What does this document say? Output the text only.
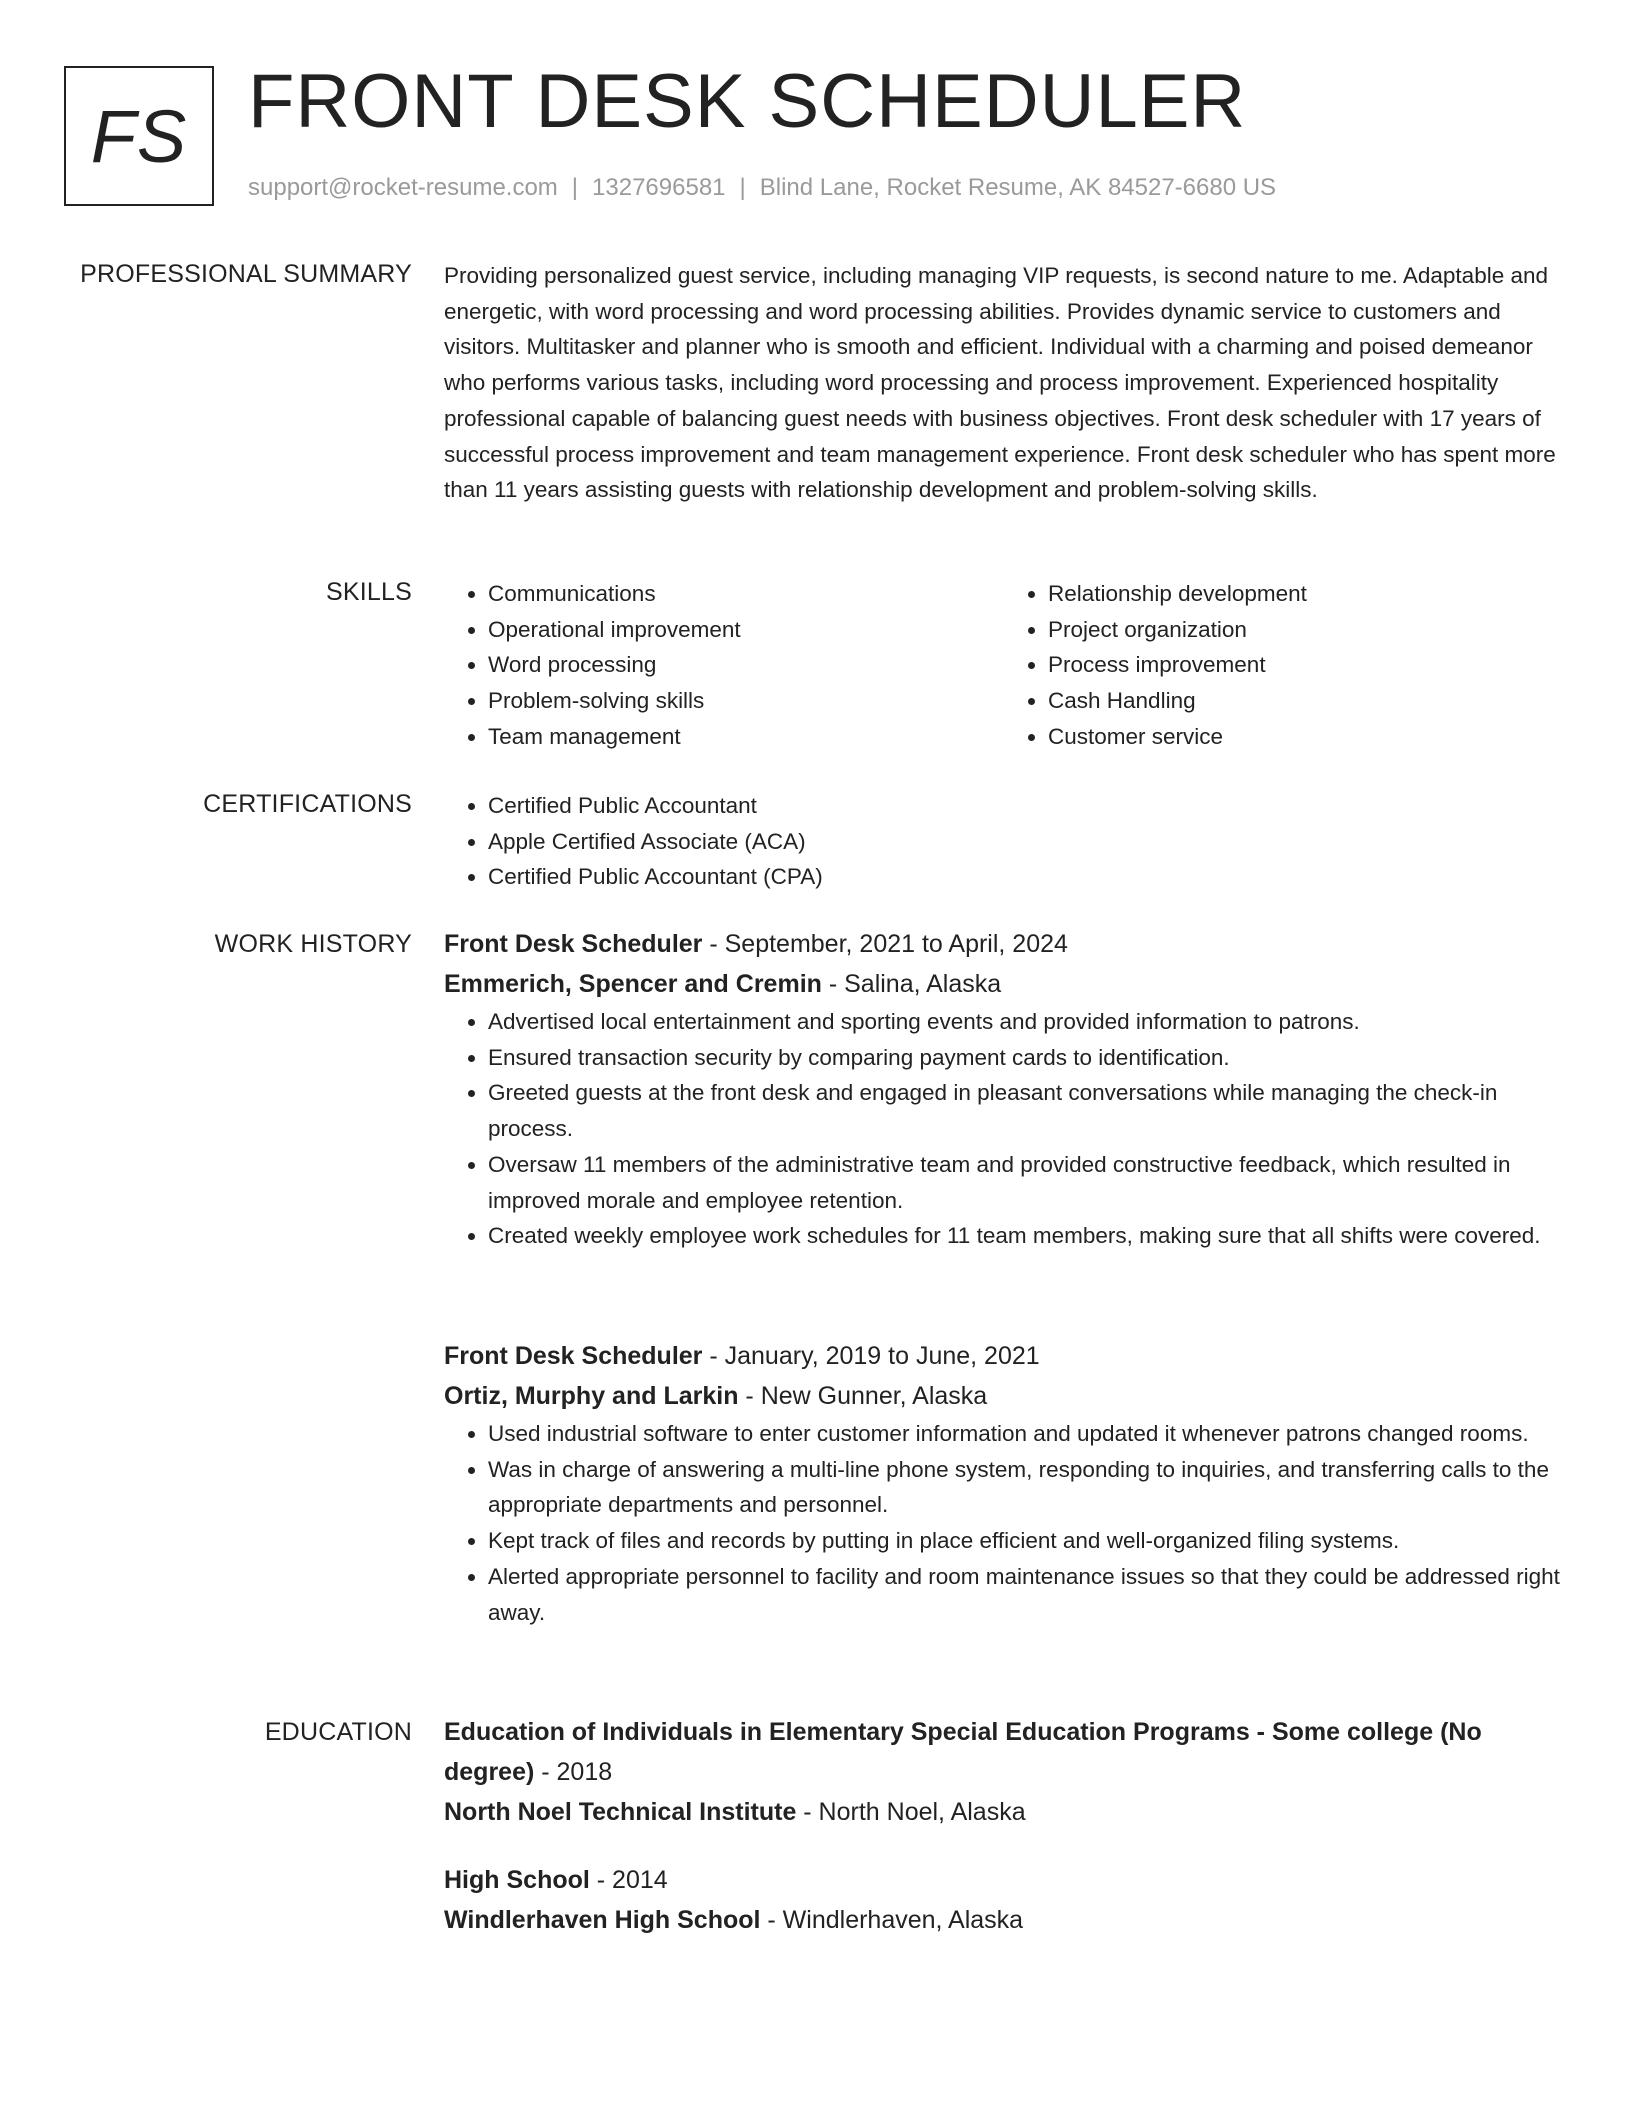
FS FRONT DESK SCHEDULER
support@rocket-resume.com | 1327696581 | Blind Lane, Rocket Resume, AK 84527-6680 US
PROFESSIONAL SUMMARY Providing personalized guest service, including managing VIP requests, is second nature to me. Adaptable and energetic, with word processing and word processing abilities. Provides dynamic service to customers and visitors. Multitasker and planner who is smooth and efficient. Individual with a charming and poised demeanor who performs various tasks, including word processing and process improvement. Experienced hospitality professional capable of balancing guest needs with business objectives. Front desk scheduler with 17 years of successful process improvement and team management experience. Front desk scheduler who has spent more than 11 years assisting guests with relationship development and problem-solving skills.

SKILLS	• Communications
• Operational improvement
• Word processing
• Problem-solving skills
• Team management
• Relationship development
• Project organization
• Process improvement
• Cash Handling
• Customer service
CERTIFICATIONS	• Certified Public Accountant
• Apple Certified Associate (ACA)
• Certified Public Accountant (CPA)
WORK HISTORY Front Desk Scheduler - September, 2021 to April, 2024
Emmerich, Spencer and Cremin - Salina, Alaska
• Advertised local entertainment and sporting events and provided information to patrons.
• Ensured transaction security by comparing payment cards to identification.
• Greeted guests at the front desk and engaged in pleasant conversations while managing the check-in process.
• Oversaw 11 members of the administrative team and provided constructive feedback, which resulted in improved morale and employee retention.
• Created weekly employee work schedules for 11 team members, making sure that all shifts were covered.
Front Desk Scheduler - January, 2019 to June, 2021
Ortiz, Murphy and Larkin - New Gunner, Alaska
• Used industrial software to enter customer information and updated it whenever patrons changed rooms.
• Was in charge of answering a multi-line phone system, responding to inquiries, and transferring calls to the appropriate departments and personnel.
• Kept track of files and records by putting in place efficient and well-organized filing systems.
• Alerted appropriate personnel to facility and room maintenance issues so that they could be addressed right away.
EDUCATION Education of Individuals in Elementary Special Education Programs - Some college (No degree) - 2018
North Noel Technical Institute - North Noel, Alaska
High School - 2014
Windlerhaven High School - Windlerhaven, Alaska
